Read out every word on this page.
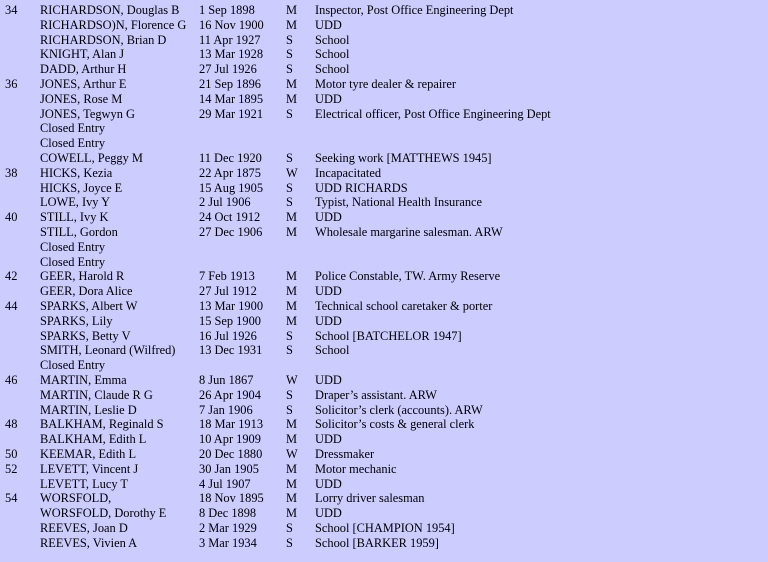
34 RICHARDSON, Douglas B 1 Sep 1898	M Inspector, Post Office Engineering Dept
RICHARDSO)N, Florence G 16 Nov 1900 M UDD
RICHARDSON, Brian D	11 Apr 1927 S School
KNIGHT, Alan J	13 Mar 1928 S School
DADD, Arthur H	27 Jul 1926 S School
36 JONES, Arthur E	21 Sep 1896 M Motor tyre dealer & repairer
JONES, Rose M	14 Mar 1895 M UDD
JONES, Tegwyn G	29 Mar 1921 S Electrical officer, Post Office Engineering Dept
Closed Entry
Closed Entry
COWELL, Peggy M	11 Dec 1920 S Seeking work [MATTHEWS 1945]
38 HICKS, Kezia	22 Apr 1875 W Incapacitated
HICKS, Joyce E	15 Aug 1905 S UDD RICHARDS
LOWE, Ivy Y	2 Jul 1906	S Typist, National Health Insurance
40 STILL, Ivy K	24 Oct 1912 M UDD
STILL, Gordon	27 Dec 1906 M Wholesale margarine salesman. ARW
Closed Entry
Closed Entry
42 GEER, Harold R	7 Feb 1913	M Police Constable, TW. Army Reserve
GEER, Dora Alice	27 Jul 1912 M UDD
44 SPARKS, Albert W	13 Mar 1900 M Technical school caretaker & porter
SPARKS, Lily	15 Sep 1900 M UDD
SPARKS, Betty V	16 Jul 1926 S School [BATCHELOR 1947]
SMITH, Leonard (Wilfred) 13 Dec 1931 S School
Closed Entry
46 MARTIN, Emma	8 Jun 1867	W UDD
MARTIN, Claude R G	26 Apr 1904 S Draper’s assistant. ARW
MARTIN, Leslie D	7 Jan 1906	S Solicitor’s clerk (accounts). ARW
48 BALKHAM, Reginald S	18 Mar 1913 M Solicitor’s costs & general clerk
BALKHAM, Edith L	10 Apr 1909 M UDD
50 KEEMAR, Edith L	20 Dec 1880 W Dressmaker
52 LEVETT, Vincent J	30 Jan 1905 M Motor mechanic
LEVETT, Lucy T	4 Jul 1907	M UDD
54 WORSFOLD,	18 Nov 1895 M Lorry driver salesman
WORSFOLD, Dorothy E	8 Dec 1898 M UDD
REEVES, Joan D	2 Mar 1929 S School [CHAMPION 1954]
REEVES, Vivien A	3 Mar 1934 S School [BARKER 1959]
